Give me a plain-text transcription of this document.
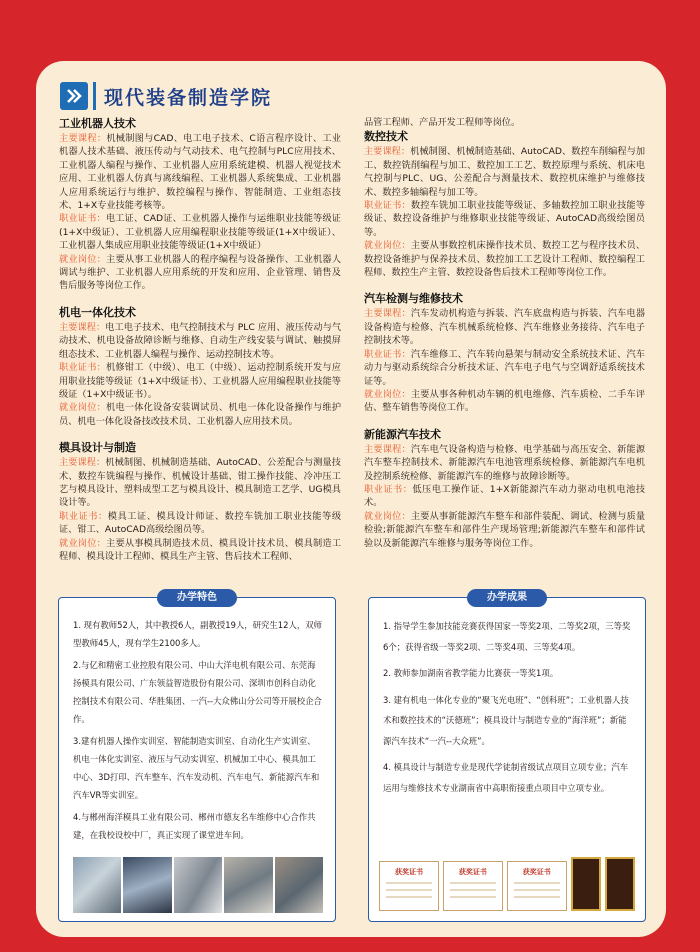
现代装备制造学院
工业机器人技术
主要课程：机械制图与CAD、电工电子技术、C语言程序设计、工业机器人技术基础、液压传动与气动技术、电气控制与PLC应用技术、工业机器人编程与操作、工业机器人应用系统建模、机器人视觉技术应用、工业机器人仿真与离线编程、工业机器人系统集成、工业机器人应用系统运行与维护、数控编程与操作、智能制造、工业组态技术、1+X专业技能考核等。
职业证书：电工证、CAD证、工业机器人操作与运维职业技能等级证(1+X中级证）、工业机器人应用编程职业技能等级证(1+X中级证）、工业机器人集成应用职业技能等级证(1+X中级证）
就业岗位：主要从事工业机器人的程序编程与设备操作、工业机器人调试与维护、工业机器人应用系统的开发和应用、企业管理、销售及售后服务等岗位工作。
机电一体化技术
主要课程：电工电子技术、电气控制技术与 PLC 应用、液压传动与气动技术、机电设备故障诊断与维修、自动生产线安装与调试、触摸屏组态技术、工业机器人编程与操作、运动控制技术等。
职业证书：机修钳工（中级）、电工（中级）、运动控制系统开发与应用职业技能等级证（1+X中级证书）、工业机器人应用编程职业技能等级证（1+X中级证书）。
就业岗位：机电一体化设备安装调试员、机电一体化设备操作与维护员、机电一体化设备技改技术员、工业机器人应用技术员。
模具设计与制造
主要课程：机械制图、机械制造基础、AutoCAD、公差配合与测量技术、数控车铣编程与操作、机械设计基础、钳工操作技能、冷冲压工艺与模具设计、塑料成型工艺与模具设计、模具制造工艺学、UG模具设计等。
职业证书：模具工证、模具设计师证、数控车铣加工职业技能等级证、钳工、AutoCAD高级绘图员等。
就业岗位：主要从事模具制造技术员、模具设计技术员、模具制造工程师、模具设计工程师、模具生产主管、售后技术工程师、
品管工程师、产品开发工程师等岗位。
数控技术
主要课程：机械制图、机械制造基础、AutoCAD、数控车削编程与加工、数控铣削编程与加工、数控加工工艺、数控原理与系统、机床电气控制与PLC、UG、公差配合与测量技术、数控机床维护与维修技术、数控多轴编程与加工等。
职业证书：数控车铣加工职业技能等级证、多轴数控加工职业技能等级证、数控设备维护与维修职业技能等级证、AutoCAD高级绘图员等。
就业岗位：主要从事数控机床操作技术员、数控工艺与程序技术员、数控设备维护与保养技术员、数控加工工艺设计工程师、数控编程工程师、数控生产主管、数控设备售后技术工程师等岗位工作。
汽车检测与维修技术
主要课程：汽车发动机构造与拆装、汽车底盘构造与拆装、汽车电器设备构造与检修、汽车机械系统检修、汽车维修业务接待、汽车电子控制技术等。
职业证书：汽车维修工、汽车转向悬架与制动安全系统技术证、汽车动力与驱动系统综合分析技术证、汽车电子电气与空调舒适系统技术证等。
就业岗位：主要从事各种机动车辆的机电维修、汽车质检、二手车评估、整车销售等岗位工作。
新能源汽车技术
主要课程：汽车电气设备构造与检修、电学基础与高压安全、新能源汽车整车控制技术、新能源汽车电池管理系统检修、新能源汽车电机及控制系统检修、新能源汽车的维修与故障诊断等。
职业证书：低压电工操作证、1+X新能源汽车动力驱动电机电池技术。
就业岗位：主要从事新能源汽车整车和部件装配、调试、检测与质量检验;新能源汽车整车和部件生产现场管理;新能源汽车整车和部件试验以及新能源汽车维修与服务等岗位工作。
办学特色

1. 现有教师52人，其中教授6人，副教授19人，研究生12人，双师型教师45人，现有学生2100多人。

2.与亿和精密工业控股有限公司、中山大洋电机有限公司、东莞海扬模具有限公司、广东领益智造股份有限公司、深圳市创科自动化控制技术有限公司、华胜集团、一汽--大众佛山分公司等开展校企合作。

3.建有机器人操作实训室、智能制造实训室、自动化生产实训室、机电一体化实训室、液压与气动实训室、机械加工中心、模具加工中心、3D打印、汽车整车、汽车发动机、汽车电气、新能源汽车和汽车VR等实训室。

4.与郴州海洋模具工业有限公司、郴州市德友名车维修中心合作共建，在我校设校中厂，真正实现了课堂进车间。

办学成果

1. 指导学生参加技能竞赛获得国家一等奖2项、二等奖2项，三等奖6个；获得省级一等奖2项、二等奖4项、三等奖4项。

2. 教师参加湖南省教学能力比赛获一等奖1项。

3. 建有机电一体化专业的“聚飞光电班”、“创科班”；工业机器人技术和数控技术的“沃德班”；模具设计与制造专业的“海洋班”；新能源汽车技术“一汽--大众班”。

4. 模具设计与制造专业是现代学徒制省级试点项目立项专业；汽车运用与维修技术专业湖南省中高职衔接重点项目中立项专业。

获奖证书	获奖证书	获奖证书
